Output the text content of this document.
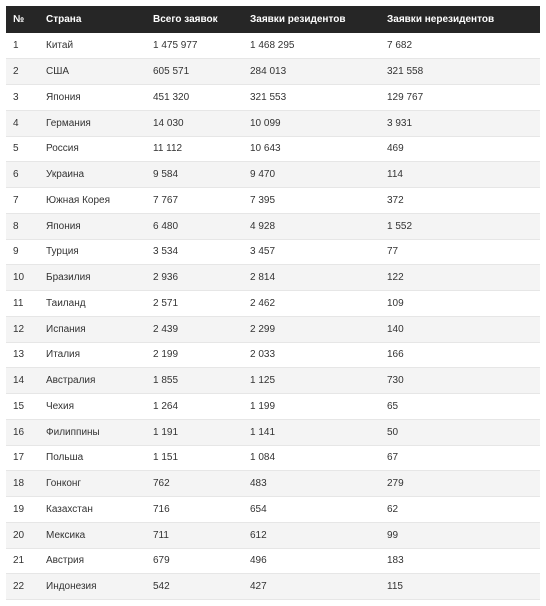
№	Страна	Всего заявок	Заявки резидентов	Заявки нерезидентов
1	Китай	1 475 977	1 468 295	7 682
2	США	605 571	284 013	321 558
3	Япония	451 320	321 553	129 767
4	Германия	14 030	10 099	3 931
5	Россия	11 112	10 643	469
6	Украина	9 584	9 470	114
7	Южная Корея	7 767	7 395	372
8	Япония	6 480	4 928	1 552
9	Турция	3 534	3 457	77
10	Бразилия	2 936	2 814	122
11	Таиланд	2 571	2 462	109
12	Испания	2 439	2 299	140
13	Италия	2 199	2 033	166
14	Австралия	1 855	1 125	730
15	Чехия	1 264	1 199	65
16	Филиппины	1 191	1 141	50
17	Польша	1 151	1 084	67
18	Гонконг	762	483	279
19	Казахстан	716	654	62
20	Мексика	711	612	99
21	Австрия	679	496	183
22	Индонезия	542	427	115
